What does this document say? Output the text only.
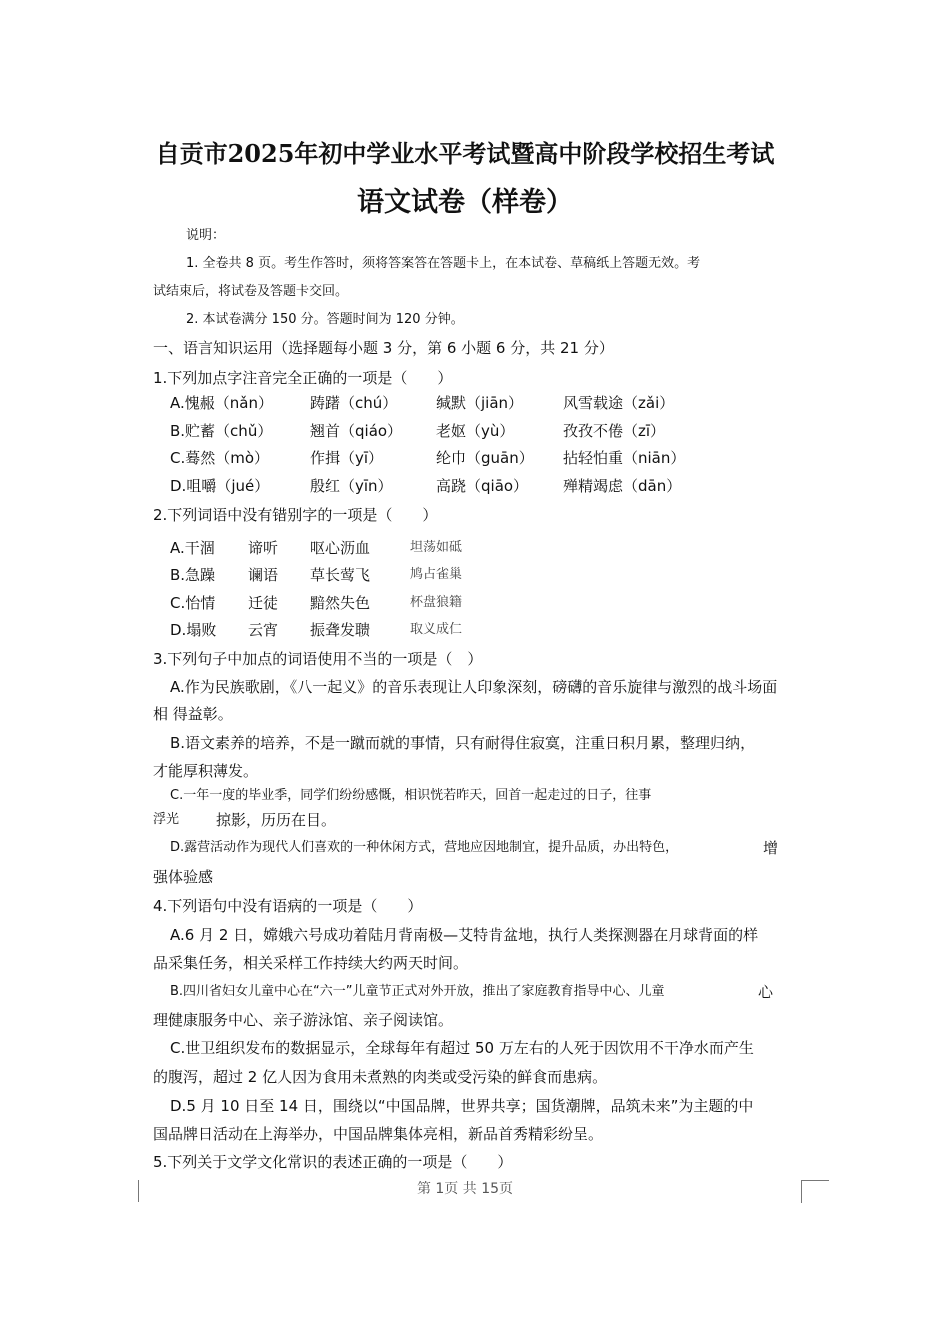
自贡市2025年初中学业水平考试暨高中阶段学校招生考试
语文试卷（样卷）
说明：
1. 全卷共 8 页。考生作答时，须将答案答在答题卡上，在本试卷、草稿纸上答题无效。考
试结束后，将试卷及答题卡交回。
2. 本试卷满分 150 分。答题时间为 120 分钟。
一、语言知识运用（选择题每小题 3 分，第 6 小题 6 分，共 21 分）
1.下列加点字注音完全正确的一项是（　　）
A.愧赧（nǎn） 踌躇（chú）	缄默（jiān）	风雪载途（zǎi）
B.贮蓄（chǔ）	翘首（qiáo） 老妪（yù）	孜孜不倦（zī）
C.蓦然（mò）	作揖（yī）	纶巾（guān） 拈轻怕重（niān）
D.咀嚼（jué）	殷红（yīn）	高跷（qiāo） 殚精竭虑（dān）
2.下列词语中没有错别字的一项是（　　）
A.干涸 谛听 呕心沥血	坦荡如砥
B.急躁 谰语 草长莺飞	鸠占雀巢
C.怡情 迁徒 黯然失色	杯盘狼籍
D.塌败 云宵 振聋发聩	取义成仁
3.下列句子中加点的词语使用不当的一项是（　）
A.作为民族歌剧，《八一起义》的音乐表现让人印象深刻，磅礴的音乐旋律与激烈的战斗场面
相 得益彰。
B.语文素养的培养，不是一蹴而就的事情，只有耐得住寂寞，注重日积月累，整理归纳，
才能厚积薄发。
C.一年一度的毕业季，同学们纷纷感慨，相识恍若昨天，回首一起走过的日子，往事
浮光 掠影，历历在目。
D.露营活动作为现代人们喜欢的一种休闲方式，营地应因地制宜，提升品质，办出特色，	增
强体验感
4.下列语句中没有语病的一项是（　　）
A.6 月 2 日，嫦娥六号成功着陆月背南极—艾特肯盆地，执行人类探测器在月球背面的样
品采集任务，相关采样工作持续大约两天时间。
B.四川省妇女儿童中心在“六一”儿童节正式对外开放，推出了家庭教育指导中心、儿童	心
理健康服务中心、亲子游泳馆、亲子阅读馆。
C.世卫组织发布的数据显示，全球每年有超过 50 万左右的人死于因饮用不干净水而产生
的腹泻，超过 2 亿人因为食用未煮熟的肉类或受污染的鲜食而患病。
D.5 月 10 日至 14 日，围绕以“中国品牌，世界共享；国货潮牌，品筑未来”为主题的中
国品牌日活动在上海举办，中国品牌集体亮相，新品首秀精彩纷呈。
5.下列关于文学文化常识的表述正确的一项是（　　）
第 1页 共 15页
